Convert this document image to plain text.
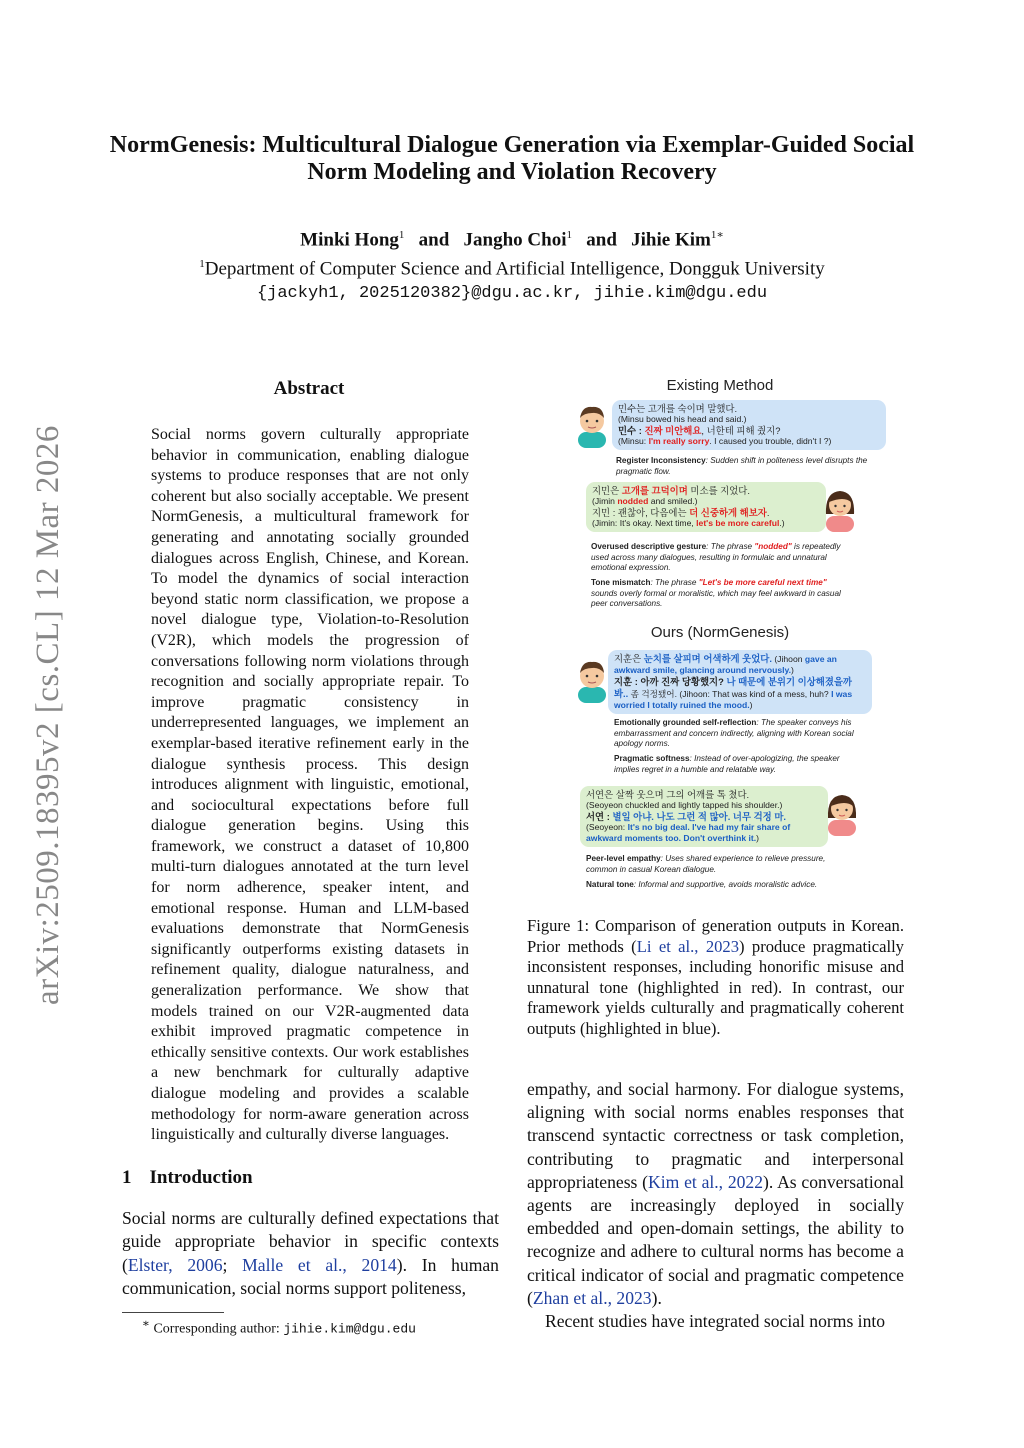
NormGenesis: Multicultural Dialogue Generation via Exemplar-Guided Social Norm Modeling and Violation Recovery
Minki Hong$^1$ and Jangho Choi$^1$ and Jihie Kim$^{1∗}$
$^1$Department of Computer Science and Artificial Intelligence, Dongguk University
{jackyh1, 2025120382}@dgu.ac.kr, jihie.kim@dgu.edu
arXiv:2509.18395v2 [cs.CL] 12 Mar 2026
Abstract
Social norms govern culturally appropriate behavior in communication, enabling dialogue systems to produce responses that are not only coherent but also socially acceptable. We present NormGenesis, a multicultural framework for generating and annotating socially grounded dialogues across English, Chinese, and Korean. To model the dynamics of social interaction beyond static norm classification, we propose a novel dialogue type, Violation-to-Resolution (V2R), which models the progression of conversations following norm violations through recognition and socially appropriate repair. To improve pragmatic consistency in underrepresented languages, we implement an exemplar-based iterative refinement early in the dialogue synthesis process. This design introduces alignment with linguistic, emotional, and sociocultural expectations before full dialogue generation begins. Using this framework, we construct a dataset of 10,800 multi-turn dialogues annotated at the turn level for norm adherence, speaker intent, and emotional response. Human and LLM-based evaluations demonstrate that NormGenesis significantly outperforms existing datasets in refinement quality, dialogue naturalness, and generalization performance. We show that models trained on our V2R-augmented data exhibit improved pragmatic competence in ethically sensitive contexts. Our work establishes a new benchmark for culturally adaptive dialogue modeling and provides a scalable methodology for norm-aware generation across linguistically and culturally diverse languages.
1 Introduction
Social norms are culturally defined expectations that guide appropriate behavior in specific contexts (Elster, 2006; Malle et al., 2014). In human communication, social norms support politeness,
∗ Corresponding author: jihie.kim@dgu.edu
Existing Method
민수는 고개를 숙이며 말했다.
(Minsu bowed his head and said.)
민수 : 진짜 미안해요, 너한테 피해 줬지?
(Minsu: I'm really sorry. I caused you trouble, didn't I ?)
Register Inconsistency: Sudden shift in politeness level disrupts the pragmatic flow.
지민은 고개를 끄덕이며 미소를 지었다.
(Jimin nodded and smiled.)
지민 : 괜찮아, 다음에는 더 신중하게 해보자.
(Jimin: It's okay. Next time, let's be more careful.)
Overused descriptive gesture: The phrase "nodded" is repeatedly used across many dialogues, resulting in formulaic and unnatural emotional expression.
Tone mismatch: The phrase "Let's be more careful next time" sounds overly formal or moralistic, which may feel awkward in casual peer conversations.
Ours (NormGenesis)
지훈은 눈치를 살피며 어색하게 웃었다. (Jihoon gave an awkward smile, glancing around nervously.)
지훈 : 아까 진짜 당황했지? 나 때문에 분위기 이상해졌을까 봐.. 좀 걱정됐어. (Jihoon: That was kind of a mess, huh? I was worried I totally ruined the mood.)
Emotionally grounded self-reflection: The speaker conveys his embarrassment and concern indirectly, aligning with Korean social apology norms.
Pragmatic softness: Instead of over-apologizing, the speaker implies regret in a humble and relatable way.
서연은 살짝 웃으며 그의 어깨를 톡 쳤다.
(Seoyeon chuckled and lightly tapped his shoulder.)
서연 : 별일 아냐. 나도 그런 적 많아. 너무 걱정 마.
(Seoyeon: It's no big deal. I've had my fair share of awkward moments too. Don't overthink it.)
Peer-level empathy: Uses shared experience to relieve pressure, common in casual Korean dialogue.
Natural tone: Informal and supportive, avoids moralistic advice.
Figure 1: Comparison of generation outputs in Korean. Prior methods (Li et al., 2023) produce pragmatically inconsistent responses, including honorific misuse and unnatural tone (highlighted in red). In contrast, our framework yields culturally and pragmatically coherent outputs (highlighted in blue).

empathy, and social harmony. For dialogue systems, aligning with social norms enables responses that transcend syntactic correctness or task completion, contributing to pragmatic and interpersonal appropriateness (Kim et al., 2022). As conversational agents are increasingly deployed in socially embedded and open-domain settings, the ability to recognize and adhere to cultural norms has become a critical indicator of social and pragmatic competence (Zhan et al., 2023).

Recent studies have integrated social norms into
